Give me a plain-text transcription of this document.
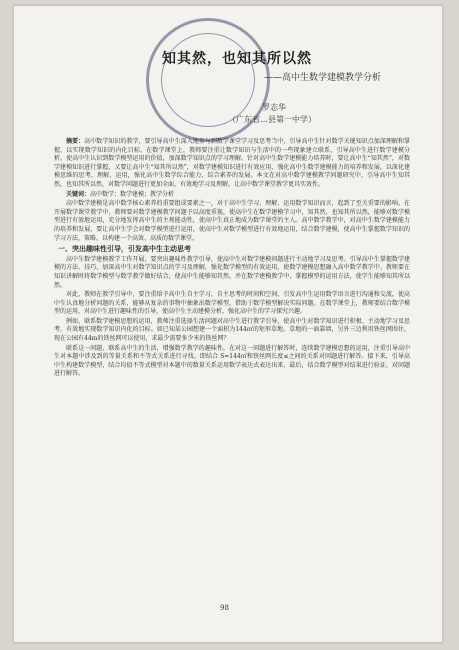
知其然，也知其所以然
——高中生数学建模教学分析
罗志华
（广东省…县第一中学）

摘要：高中数学知识的教学，要引导高中生深入地参与到数学课堂学习及思考当中，引导高中生针对数学关键知识点加深理解和掌握，以实现数学知识的内化目标。在数学课堂上，教师要注重让数学知识与生活中的一些现象建立联系，引导高中生进行数学建模分析，使高中生认识到数学模型运用的价值，加深数学知识点的学习理解。针对高中生数学建模能力培养时，要让高中生“知其然”，对数学建模知识进行掌握，又要让高中生“知其所以然”，对数学建模知识进行有效应用，强化高中生数学建模能力的培养和发展。以深化建模思维的思考、理解、运用，强化高中生数学综合能力，综合素养的发展。本文在对高中数学建模教学问题研究中，引导高中生知其然，也知其所以然，对数学问题进行更加全面、有效地学习及理解，让高中数学课堂教学更具实效性。

关键词：高中数学；数学建模；教学分析

高中数学建模是高中数学核心素养的重要组成要素之一，对于高中生学习、理解、运用数学知识而言，起到了至关重要的影响。在开展数学课堂教学中，教师要对数学建模教学问题予以高度重视，使高中生在数学建模学习中，知其然，也知其所以然，能够对数学模型进行有效地运用，充分地发挥高中生的主观能动性，使高中生真正地成为数学课堂的主人。高中数学教学中，对高中生数学建模能力的培养和发展，要让高中生学会对数学模型进行运用，使高中生对数学模型进行有效地运用，结合数学建模，使高中生掌握数学知识的学习方法，策略，以构建一个高效、高质的数学课堂。

一、突出趣味性引导，引发高中生主动思考

高中生数学建模教学工作开展，要突出趣味性教学引导，使高中生对数学建模问题进行主动地学习及思考。引导高中生掌握数学建模的方法、技巧，加深高中生对数学知识点的学习及理解，强化数学模型的有效运用，使数学建模思想融入高中数学教学中。教师要在知识讲解时将数学模型与数学教学做好结合，使高中生能够知其然，并在数学建模教学中，掌握模型的运用方法，使学生能够知其所以然。

对此，教师在教学引导中，要注重给予高中生自主学习，自主思考的时间和空间，引发高中生运用数学语言进行沟通和交流，使高中生认真地分析问题的关系，能够从复杂的事物中抽象出数学模型，借助于数学模型解决实际问题。在数学课堂上，教师要结合数学模型的运用，对高中生进行趣味性的引导，使高中生主动建模分析，强化高中生的学习探究兴趣。

例如，联系数学建模思想的运用，教师注重选择生活问题对高中生进行教学引导，使高中生对数学知识进行积极、主动地学习及思考，有效地实现数学知识内化的目标。如已知某公园想建一个面积为144㎡的矩形草地，草地的一面靠墙，另外三边利用铁丝网围住，现在公园有44m的铁丝网可以使用，求最少需要多少米的铁丝网？

联系这一问题，联系高中生的生活，增强数学教学的趣味性。在对这一问题进行解答时，连续数学建模思想的运用，注重引导高中生对本题中涉及到的等量关系和不等式关系进行寻找。即结合 S=144㎡和铁丝网长度≤之间的关系对问题进行解答。接下来，引导高中生构建数学模型，结合均值不等式模型对本题中的数量关系运用数学表达式表达出来，最后，结合数学模型对结果进行验证，对问题进行解答。

98
